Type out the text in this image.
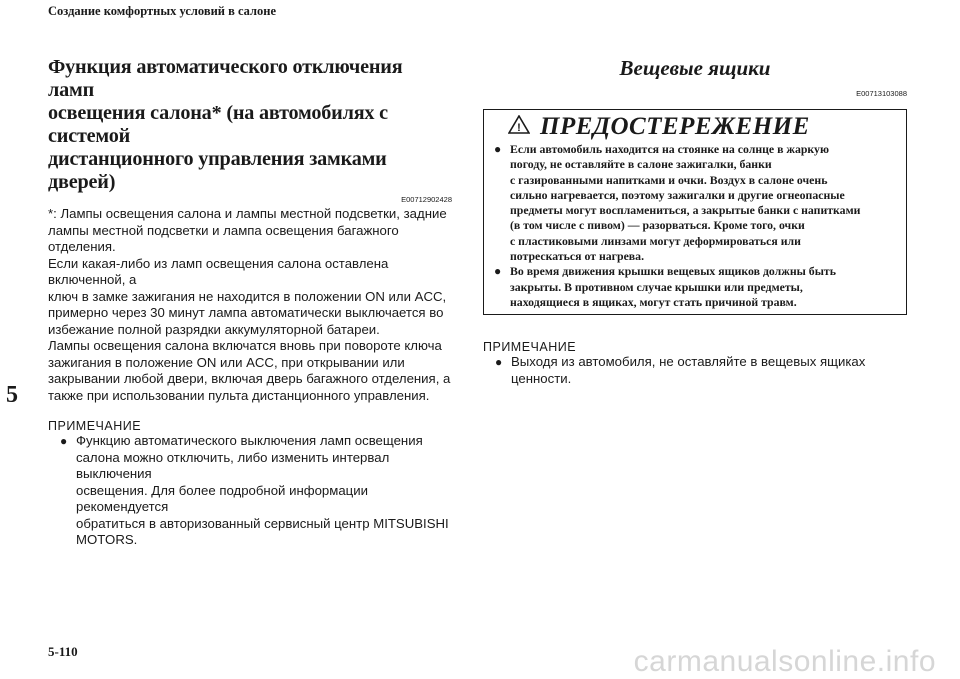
Создание комфортных условий в салоне
5
Функция автоматического отключения ламп
освещения салона* (на автомобилях с системой
дистанционного управления замками дверей)
E00712902428
*: Лампы освещения салона и лампы местной подсветки, задние
лампы местной подсветки и лампа освещения багажного отделения.
Если какая-либо из ламп освещения салона оставлена включенной, а
ключ в замке зажигания не находится в положении ON или ACC,
примерно через 30 минут лампа автоматически выключается во
избежание полной разрядки аккумуляторной батареи.
Лампы освещения салона включатся вновь при повороте ключа
зажигания в положение ON или ACC, при открывании или
закрывании любой двери, включая дверь багажного отделения, а
также при использовании пульта дистанционного управления.
ПРИМЕЧАНИЕ
● Функцию автоматического выключения ламп освещения
салона можно отключить, либо изменить интервал выключения
освещения. Для более подробной информации рекомендуется
обратиться в авторизованный сервисный центр MITSUBISHI
MOTORS.
Вещевые ящики
E00713103088
! ПРЕДОСТЕРЕЖЕНИЕ
● Если автомобиль находится на стоянке на солнце в жаркую
погоду, не оставляйте в салоне зажигалки, банки
с газированными напитками и очки. Воздух в салоне очень
сильно нагревается, поэтому зажигалки и другие огнеопасные
предметы могут воспламениться, а закрытые банки с напитками
(в том числе с пивом) — разорваться. Кроме того, очки
с пластиковыми линзами могут деформироваться или
потрескаться от нагрева.
● Во время движения крышки вещевых ящиков должны быть
закрыты. В противном случае крышки или предметы,
находящиеся в ящиках, могут стать причиной травм.
ПРИМЕЧАНИЕ
● Выходя из автомобиля, не оставляйте в вещевых ящиках
ценности.
5-110	carmanualsonline.info
